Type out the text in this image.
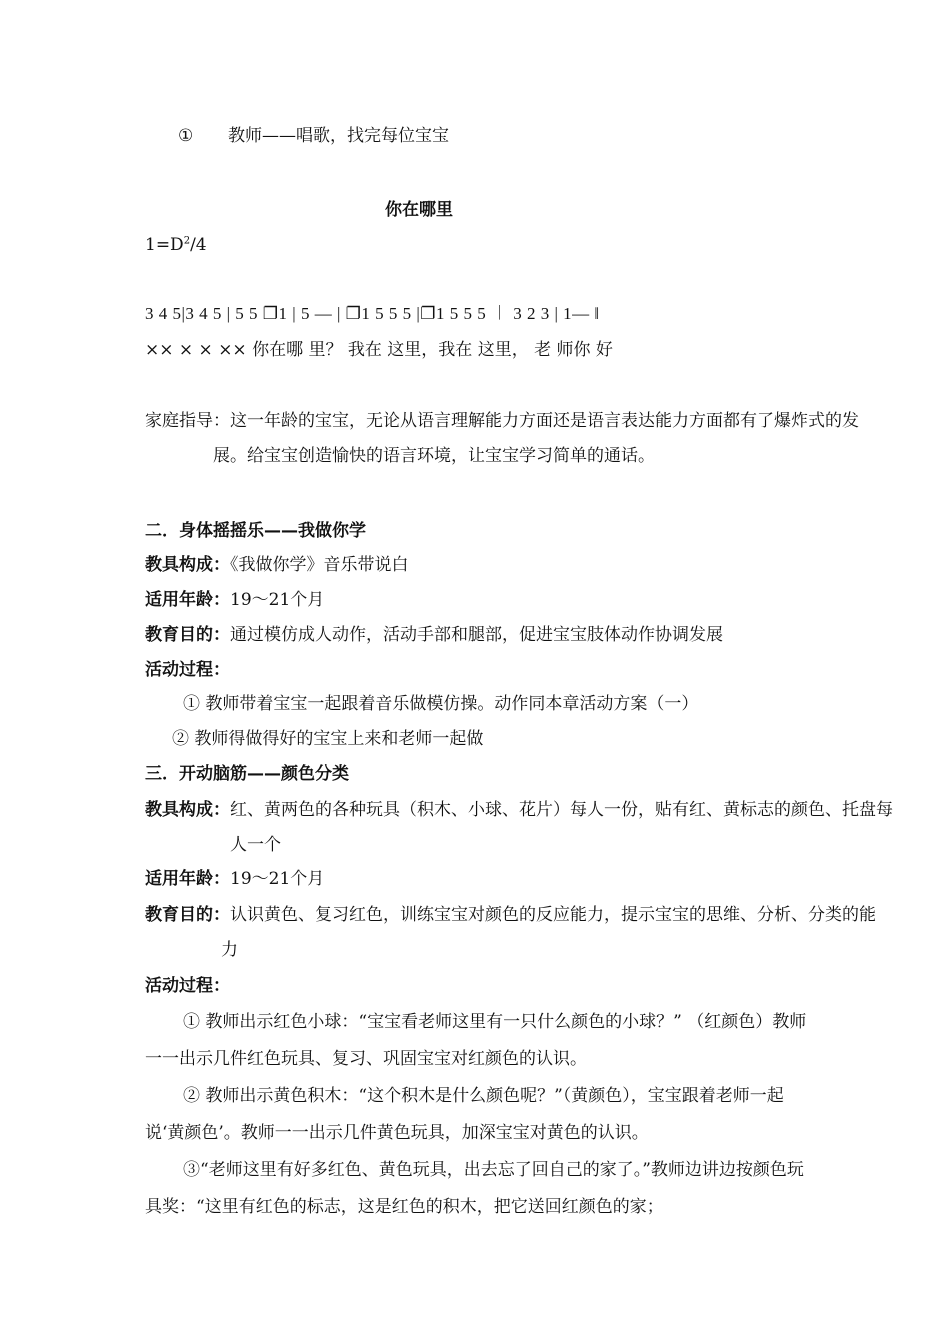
① 教师——唱歌，找完每位宝宝
你在哪里
$1=D^2/4$
3 4 5|3 4 5 | 5 5 ❐1 | 5 — | ❐1 5 5 5 |❐1 5 5 5 ︱ 3 2 3 | 1— ‖
×× × × ×× 你在哪 里？ 我在 这里，我在 这里， 老 师你 好
家庭指导：这一年龄的宝宝，无论从语言理解能力方面还是语言表达能力方面都有了爆炸式的发展。给宝宝创造愉快的语言环境，让宝宝学习简单的通话。
二．身体摇摇乐——我做你学
教具构成：《我做你学》音乐带说白
适用年龄：19～21个月
教育目的：通过模仿成人动作，活动手部和腿部，促进宝宝肢体动作协调发展
活动过程：
① 教师带着宝宝一起跟着音乐做模仿操。动作同本章活动方案（一）
② 教师得做得好的宝宝上来和老师一起做
三．开动脑筋——颜色分类
教具构成：红、黄两色的各种玩具（积木、小球、花片）每人一份，贴有红、黄标志的颜色、托盘每人一个
适用年龄：19～21个月
教育目的：认识黄色、复习红色，训练宝宝对颜色的反应能力，提示宝宝的思维、分析、分类的能力
活动过程：
① 教师出示红色小球：“宝宝看老师这里有一只什么颜色的小球？” （红颜色）教师一一出示几件红色玩具、复习、巩固宝宝对红颜色的认识。
② 教师出示黄色积木：“这个积木是什么颜色呢？”（黄颜色），宝宝跟着老师一起说‘黄颜色’。教师一一出示几件黄色玩具，加深宝宝对黄色的认识。
③“老师这里有好多红色、黄色玩具，出去忘了回自己的家了。”教师边讲边按颜色玩具奖：“这里有红色的标志，这是红色的积木，把它送回红颜色的家；
